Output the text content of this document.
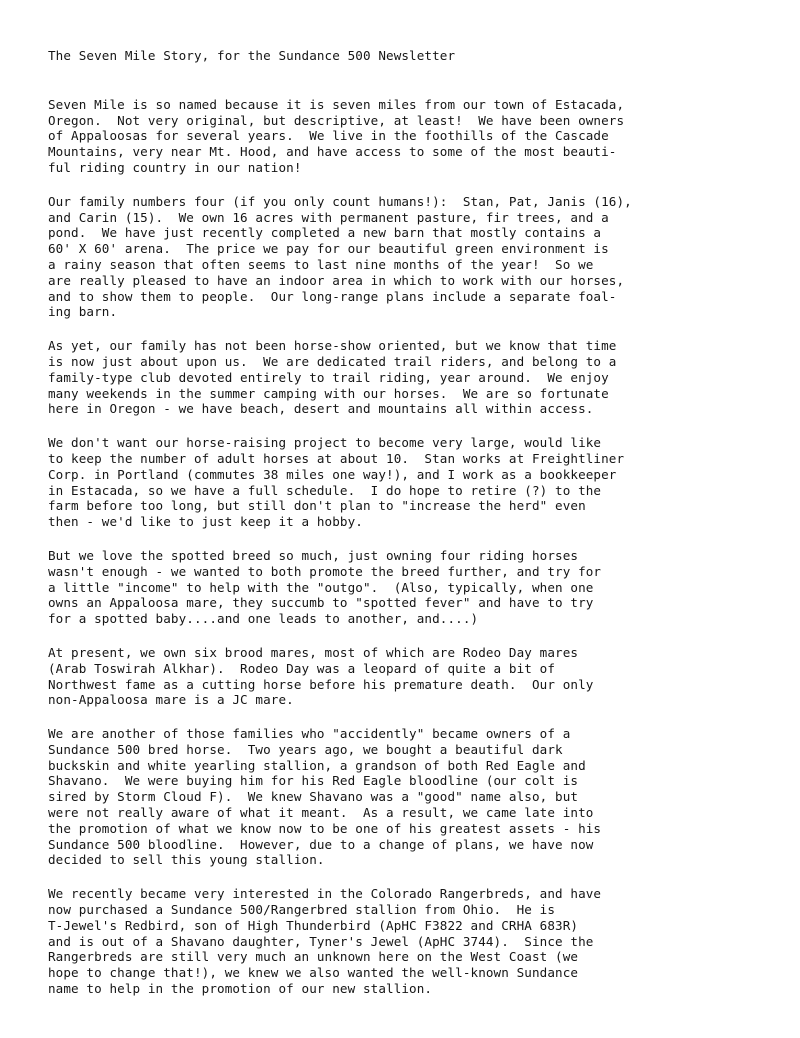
The Seven Mile Story, for the Sundance 500 Newsletter
Seven Mile is so named because it is seven miles from our town of Estacada,
Oregon.  Not very original, but descriptive, at least!  We have been owners
of Appaloosas for several years.  We live in the foothills of the Cascade
Mountains, very near Mt. Hood, and have access to some of the most beauti-
ful riding country in our nation!
Our family numbers four (if you only count humans!):  Stan, Pat, Janis (16),
and Carin (15).  We own 16 acres with permanent pasture, fir trees, and a
pond.  We have just recently completed a new barn that mostly contains a
60' X 60' arena.  The price we pay for our beautiful green environment is
a rainy season that often seems to last nine months of the year!  So we
are really pleased to have an indoor area in which to work with our horses,
and to show them to people.  Our long-range plans include a separate foal-
ing barn.
As yet, our family has not been horse-show oriented, but we know that time
is now just about upon us.  We are dedicated trail riders, and belong to a
family-type club devoted entirely to trail riding, year around.  We enjoy
many weekends in the summer camping with our horses.  We are so fortunate
here in Oregon - we have beach, desert and mountains all within access.
We don't want our horse-raising project to become very large, would like
to keep the number of adult horses at about 10.  Stan works at Freightliner
Corp. in Portland (commutes 38 miles one way!), and I work as a bookkeeper
in Estacada, so we have a full schedule.  I do hope to retire (?) to the
farm before too long, but still don't plan to "increase the herd" even
then - we'd like to just keep it a hobby.
But we love the spotted breed so much, just owning four riding horses
wasn't enough - we wanted to both promote the breed further, and try for
a little "income" to help with the "outgo".  (Also, typically, when one
owns an Appaloosa mare, they succumb to "spotted fever" and have to try
for a spotted baby....and one leads to another, and....)
At present, we own six brood mares, most of which are Rodeo Day mares
(Arab Toswirah Alkhar).  Rodeo Day was a leopard of quite a bit of
Northwest fame as a cutting horse before his premature death.  Our only
non-Appaloosa mare is a JC mare.
We are another of those families who "accidently" became owners of a
Sundance 500 bred horse.  Two years ago, we bought a beautiful dark
buckskin and white yearling stallion, a grandson of both Red Eagle and
Shavano.  We were buying him for his Red Eagle bloodline (our colt is
sired by Storm Cloud F).  We knew Shavano was a "good" name also, but
were not really aware of what it meant.  As a result, we came late into
the promotion of what we know now to be one of his greatest assets - his
Sundance 500 bloodline.  However, due to a change of plans, we have now
decided to sell this young stallion.
We recently became very interested in the Colorado Rangerbreds, and have
now purchased a Sundance 500/Rangerbred stallion from Ohio.  He is
T-Jewel's Redbird, son of High Thunderbird (ApHC F3822 and CRHA 683R)
and is out of a Shavano daughter, Tyner's Jewel (ApHC 3744).  Since the
Rangerbreds are still very much an unknown here on the West Coast (we
hope to change that!), we knew we also wanted the well-known Sundance
name to help in the promotion of our new stallion.
